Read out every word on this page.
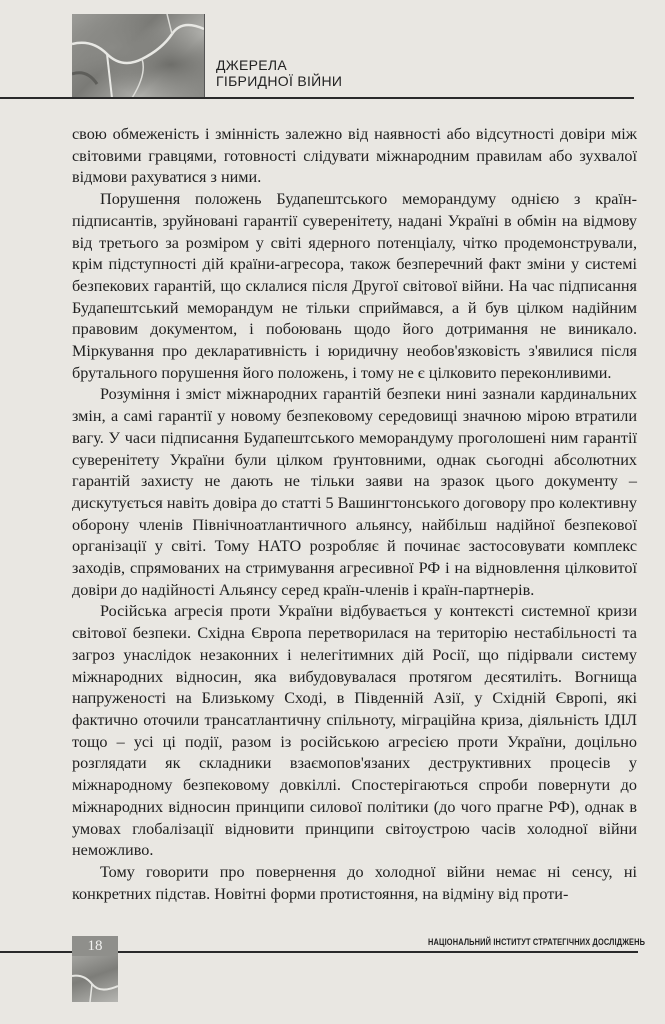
ДЖЕРЕЛА
ГІБРИДНОЇ ВІЙНИ

свою обмеженість і змінність залежно від наявності або відсутності довіри між світовими гравцями, готовності слідувати міжнародним правилам або зухвалої відмови рахуватися з ними.

Порушення положень Будапештського меморандуму однією з країн-підписантів, зруйновані гарантії суверенітету, надані Україні в обмін на відмову від третього за розміром у світі ядерного потенціалу, чітко продемонстрували, крім підступності дій країни-агресора, також безперечний факт зміни у системі безпекових гарантій, що склалися після Другої світової війни. На час підписання Будапештський меморандум не тільки сприймався, а й був цілком надійним правовим документом, і побоювань щодо його дотримання не виникало. Міркування про декларативність і юридичну необов'язковість з'явилися після брутального порушення його положень, і тому не є цілковито переконливими.

Розуміння і зміст міжнародних гарантій безпеки нині зазнали кардинальних змін, а самі гарантії у новому безпековому середовищі значною мірою втратили вагу. У часи підписання Будапештського меморандуму проголошені ним гарантії суверенітету України були цілком ґрунтовними, однак сьогодні абсолютних гарантій захисту не дають не тільки заяви на зразок цього документу – дискутується навіть довіра до статті 5 Вашингтонського договору про колективну оборону членів Північноатлантичного альянсу, найбільш надійної безпекової організації у світі. Тому НАТО розробляє й починає застосовувати комплекс заходів, спрямованих на стримування агресивної РФ і на відновлення цілковитої довіри до надійності Альянсу серед країн-членів і країн-партнерів.

Російська агресія проти України відбувається у контексті системної кризи світової безпеки. Східна Європа перетворилася на територію нестабільності та загроз унаслідок незаконних і нелегітимних дій Росії, що підірвали систему міжнародних відносин, яка вибудовувалася протягом десятиліть. Вогнища напруженості на Близькому Сході, в Південній Азії, у Східній Європі, які фактично оточили трансатлантичну спільноту, міграційна криза, діяльність ІДІЛ тощо – усі ці події, разом із російською агресією проти України, доцільно розглядати як складники взаємопов'язаних деструктивних процесів у міжнародному безпековому довкіллі. Спостерігаються спроби повернути до міжнародних відносин принципи силової політики (до чого прагне РФ), однак в умовах глобалізації відновити принципи світоустрою часів холодної війни неможливо.

Тому говорити про повернення до холодної війни немає ні сенсу, ні конкретних підстав. Новітні форми протистояння, на відміну від проти-

18	НАЦІОНАЛЬНИЙ ІНСТИТУТ СТРАТЕГІЧНИХ ДОСЛІДЖЕНЬ
